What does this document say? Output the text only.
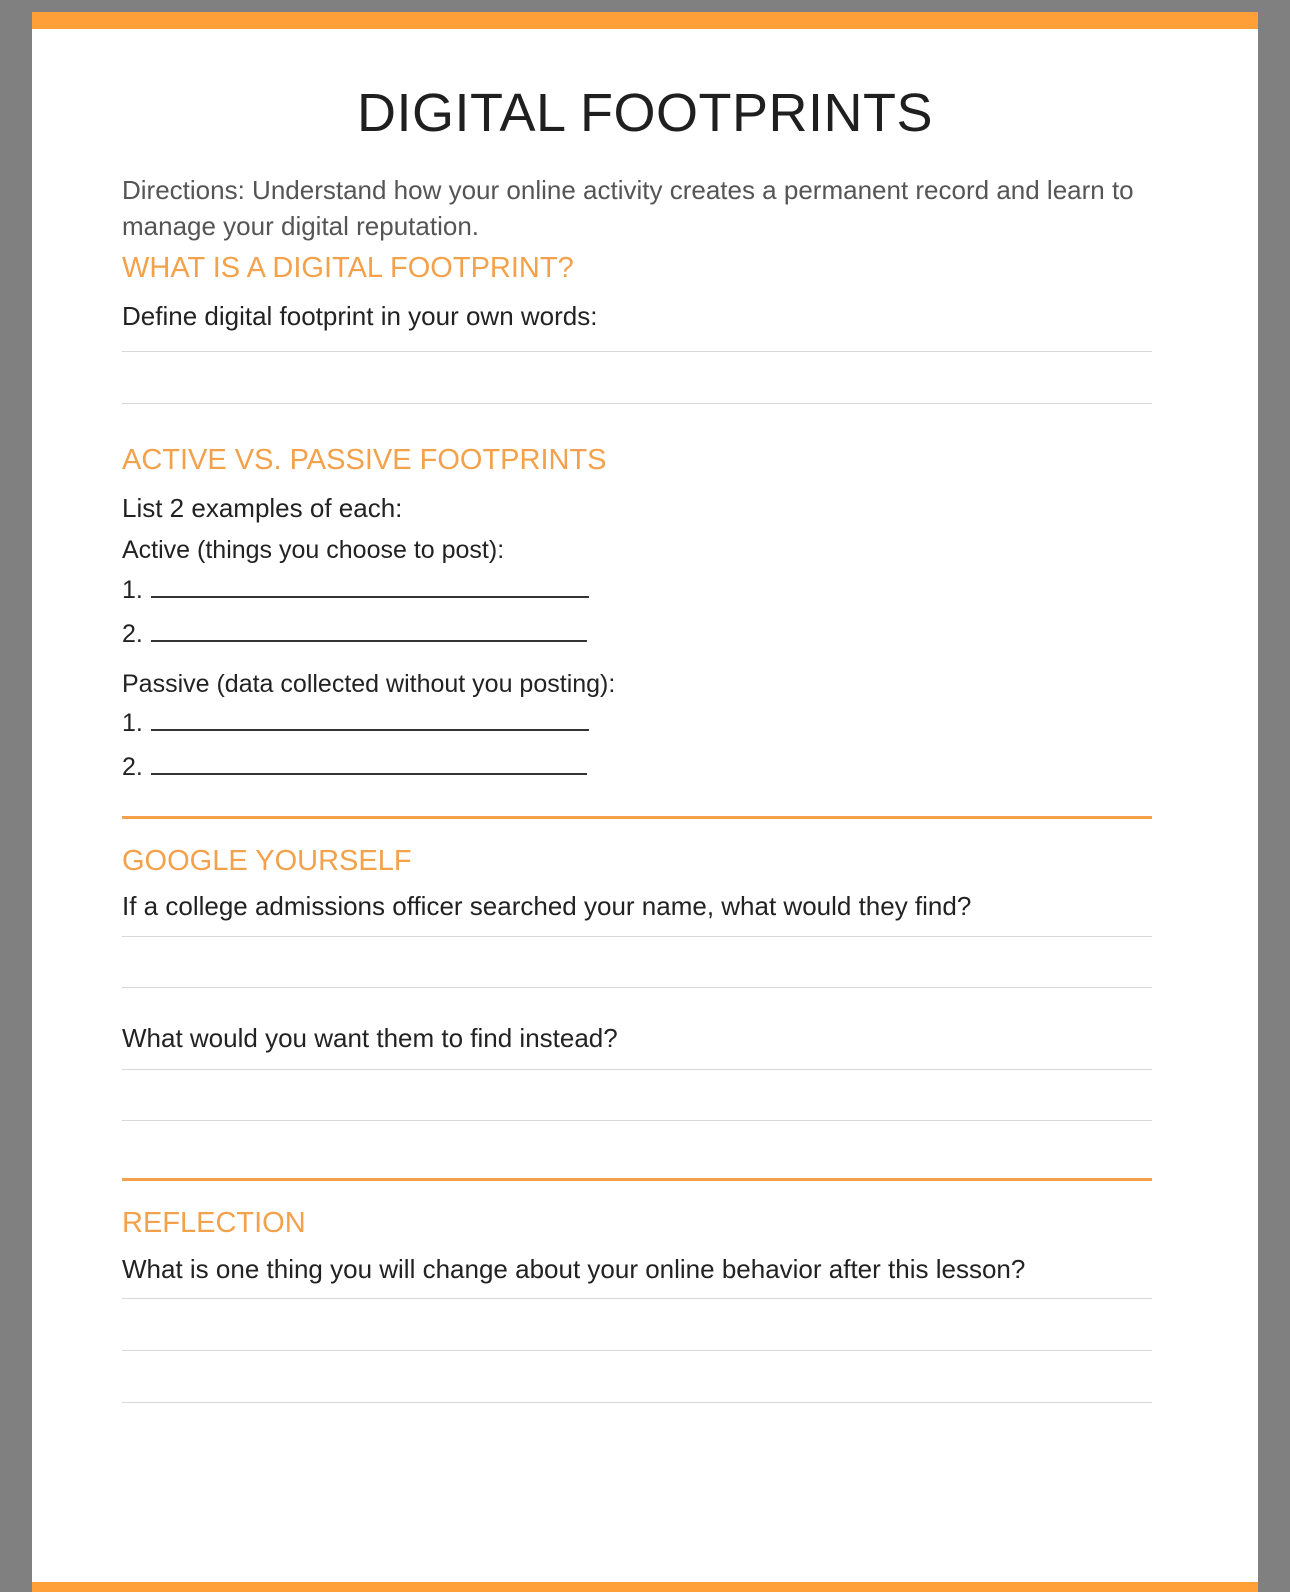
DIGITAL FOOTPRINTS
Directions: Understand how your online activity creates a permanent record and learn to manage your digital reputation.
WHAT IS A DIGITAL FOOTPRINT?
Define digital footprint in your own words:
ACTIVE VS. PASSIVE FOOTPRINTS
List 2 examples of each:
Active (things you choose to post):
1.
2.
Passive (data collected without you posting):
1.
2.
GOOGLE YOURSELF
If a college admissions officer searched your name, what would they find?
What would you want them to find instead?
REFLECTION
What is one thing you will change about your online behavior after this lesson?
